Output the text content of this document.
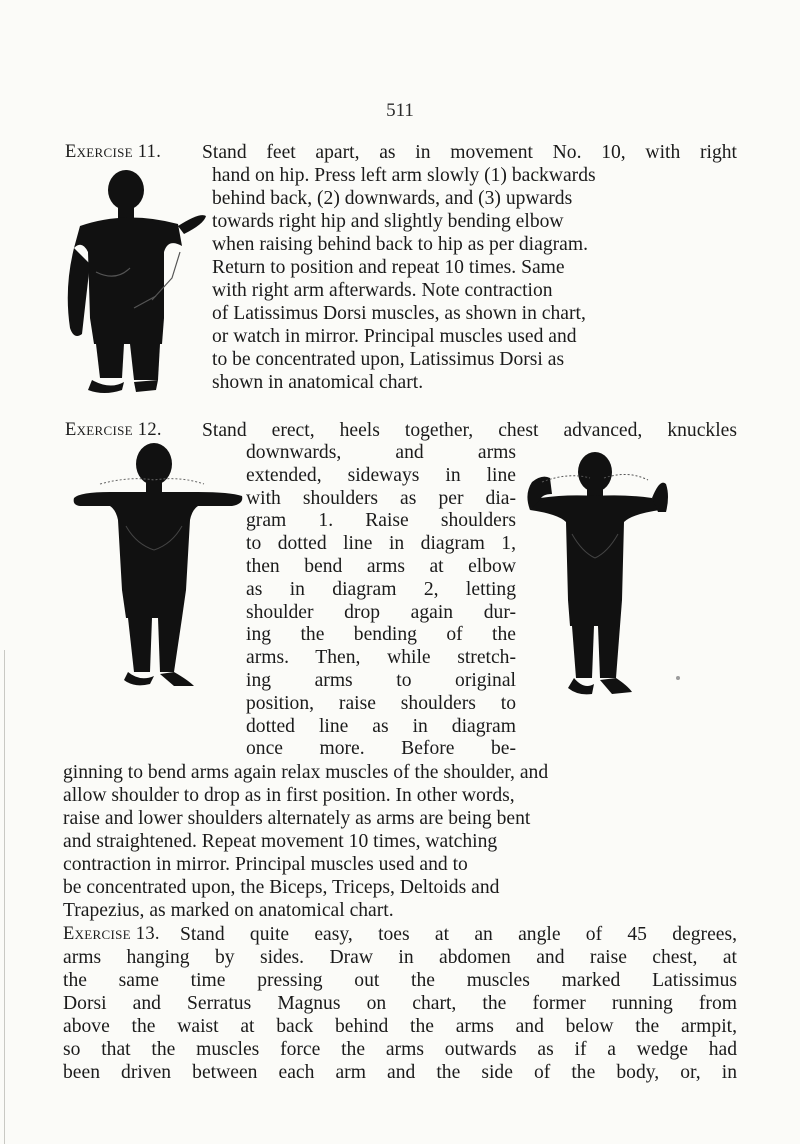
511

Exercise 11. Stand feet apart, as in movement No. 10, with right
hand on hip. Press left arm slowly (1) backwards
behind back, (2) downwards, and (3) upwards
towards right hip and slightly bending elbow
when raising behind back to hip as per diagram.
Return to position and repeat 10 times. Same
with right arm afterwards. Note contraction
of Latissimus Dorsi muscles, as shown in chart,
or watch in mirror. Principal muscles used and
to be concentrated upon, Latissimus Dorsi as
shown in anatomical chart.
Exercise 12. Stand erect, heels together, chest advanced, knuckles
downwards, and arms
extended, sideways in line
with shoulders as per dia-
gram 1. Raise shoulders
to dotted line in diagram 1,
then bend arms at elbow
as in diagram 2, letting
shoulder drop again dur-
ing the bending of the
arms. Then, while stretch-
ing arms to original
position, raise shoulders to
dotted line as in diagram
once more. Before be-
ginning to bend arms again relax muscles of the shoulder, and
allow shoulder to drop as in first position. In other words,
raise and lower shoulders alternately as arms are being bent
and straightened. Repeat movement 10 times, watching
contraction in mirror. Principal muscles used and to
be concentrated upon, the Biceps, Triceps, Deltoids and
Trapezius, as marked on anatomical chart.
Exercise 13. Stand quite easy, toes at an angle of 45 degrees,
arms hanging by sides. Draw in abdomen and raise chest, at
the same time pressing out the muscles marked Latissimus
Dorsi and Serratus Magnus on chart, the former running from
above the waist at back behind the arms and below the armpit,
so that the muscles force the arms outwards as if a wedge had
been driven between each arm and the side of the body, or, in
